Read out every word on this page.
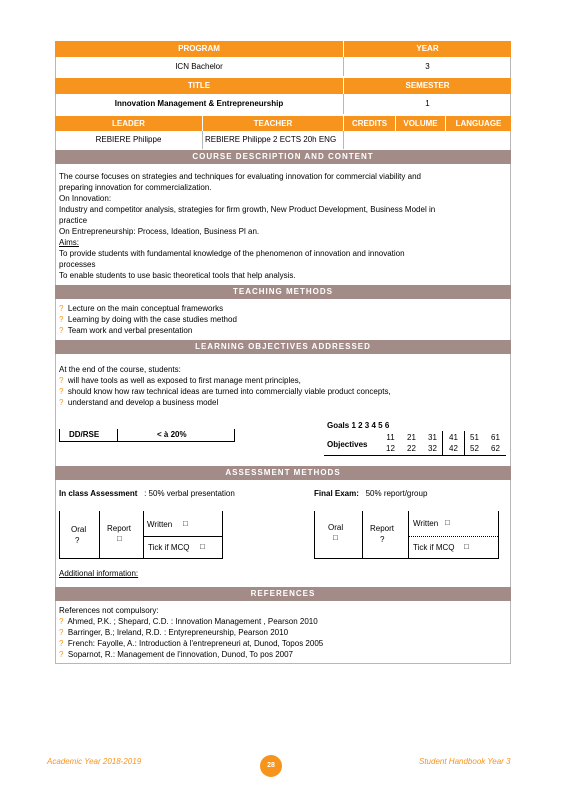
PROGRAM	YEAR
ICN Bachelor	3
TITLE	SEMESTER
Innovation Management & Entrepreneurship	1
LEADER	TEACHER	CREDITS	VOLUME	LANGUAGE
REBIERE Philippe	REBIERE Philippe 2 ECTS 20h ENG
COURSE DESCRIPTION AND CONTENT
The course focuses on strategies and techniques for evaluating innovation for commercial viability and
preparing innovation for commercialization.
On Innovation:
Industry and competitor analysis, strategies for firm growth, New Product Development, Business Model in
practice
On Entrepreneurship: Process, Ideation, Business Pl an.
Aims:
To provide students with fundamental knowledge of the phenomenon of innovation and innovation
processes
To enable students to use basic theoretical tools that help analysis.
TEACHING METHODS
? Lecture on the main conceptual frameworks
? Learning by doing with the case studies method
? Team work and verbal presentation
LEARNING OBJECTIVES ADDRESSED
At the end of the course, students:
? will have tools as well as exposed to first manage ment principles,
? should know how raw technical ideas are turned into commercially viable product concepts,
? understand and develop a business model
DD/RSE	< à 20%
Goals 1 2 3 4 5 6
Objectives
11	21	31	41	51	61
12	22	32	42	52	62
ASSESSMENT METHODS
In class Assessment : 50% verbal presentation	Final Exam: 50% report/group
Oral
?
Report
□
Written □
Tick if MCQ □
Oral
□
Report
?
Written □
Tick if MCQ □
Additional information:
REFERENCES
References not compulsory:
? Ahmed, P.K. ; Shepard, C.D. : Innovation Management , Pearson 2010
? Barringer, B.; Ireland, R.D. : Entyrepreneurship, Pearson 2010
? French: Fayolle, A.: Introduction à l'entrepreneuri at, Dunod, Topos 2005
? Soparnot, R.: Management de l'innovation, Dunod, To pos 2007
Academic Year 2018-2019	28	Student Handbook Year 3
